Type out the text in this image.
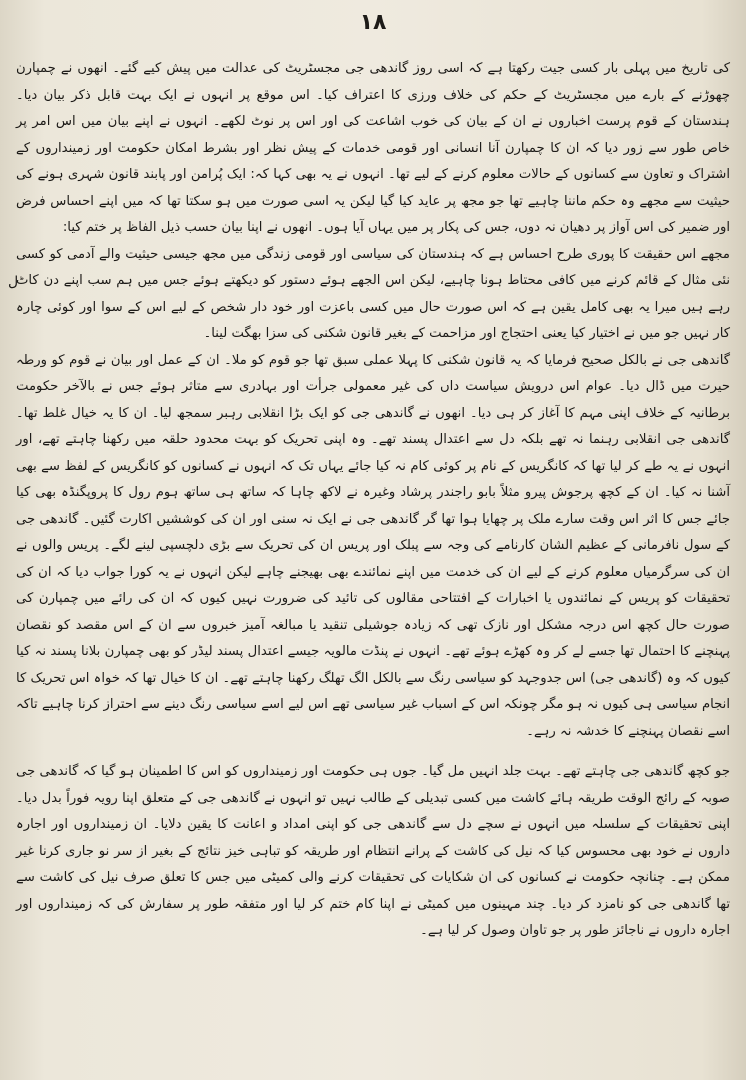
۱۸
ل

کی تاریخ میں پہلی بار کسی جیت رکھتا ہے کہ اسی روز گاندھی جی مجسٹریٹ کی عدالت میں پیش کیے گئے۔ انھوں نے چمپارن چھوڑنے کے بارے میں مجسٹریٹ کے حکم کی خلاف ورزی کا اعتراف کیا۔ اس موقع پر انہوں نے ایک بہت قابل ذکر بیان دیا۔ ہندستان کے قوم پرست اخباروں نے ان کے بیان کی خوب اشاعت کی اور اس پر نوٹ لکھے۔ انہوں نے اپنے بیان میں اس امر پر خاص طور سے زور دیا کہ ان کا چمپارن آنا انسانی اور قومی خدمات کے پیش نظر اور بشرط امکان حکومت اور زمینداروں کے اشتراک و تعاون سے کسانوں کے حالات معلوم کرنے کے لیے تھا۔ انہوں نے یہ بھی کہا کہ: ایک پُرامن اور پابند قانون شہری ہونے کی حیثیت سے مجھے وہ حکم ماننا چاہیے تھا جو مجھ پر عاید کیا گیا لیکن یہ اسی صورت میں ہو سکتا تھا کہ میں اپنے احساس فرض اور ضمیر کی اس آواز پر دھیان نہ دوں، جس کی پکار پر میں یہاں آیا ہوں۔ انھوں نے اپنا بیان حسب ذیل الفاظ پر ختم کیا:

مجھے اس حقیقت کا پوری طرح احساس ہے کہ ہندستان کی سیاسی اور قومی زندگی میں مجھ جیسی حیثیت والے آدمی کو کسی نئی مثال کے قائم کرنے میں کافی محتاط ہونا چاہیے، لیکن اس الجھے ہوئے دستور کو دیکھتے ہوئے جس میں ہم سب اپنے دن کاٹ رہے ہیں میرا یہ بھی کامل یقین ہے کہ اس صورت حال میں کسی باعزت اور خود دار شخص کے لیے اس کے سوا اور کوئی چارہ کار نہیں جو میں نے اختیار کیا یعنی احتجاج اور مزاحمت کے بغیر قانون شکنی کی سزا بھگت لینا۔

گاندھی جی نے بالکل صحیح فرمایا کہ یہ قانون شکنی کا پہلا عملی سبق تھا جو قوم کو ملا۔ ان کے عمل اور بیان نے قوم کو ورطہ حیرت میں ڈال دیا۔ عوام اس درویش سیاست داں کی غیر معمولی جرأت اور بہادری سے متاثر ہوئے جس نے بالآخر حکومت برطانیہ کے خلاف اپنی مہم کا آغاز کر ہی دیا۔ انھوں نے گاندھی جی کو ایک بڑا انقلابی رہبر سمجھ لیا۔ ان کا یہ خیال غلط تھا۔ گاندھی جی انقلابی رہنما نہ تھے بلکہ دل سے اعتدال پسند تھے۔ وہ اپنی تحریک کو بہت محدود حلقہ میں رکھنا چاہتے تھے، اور انہوں نے یہ طے کر لیا تھا کہ کانگریس کے نام پر کوئی کام نہ کیا جائے یہاں تک کہ انہوں نے کسانوں کو کانگریس کے لفظ سے بھی آشنا نہ کیا۔ ان کے کچھ پرجوش پیرو مثلاً بابو راجندر پرشاد وغیرہ نے لاکھ چاہا کہ ساتھ ہی ساتھ ہوم رول کا پروپگنڈہ بھی کیا جائے جس کا اثر اس وقت سارے ملک پر چھایا ہوا تھا گر گاندھی جی نے ایک نہ سنی اور ان کی کوششیں اکارت گئیں۔ گاندھی جی کے سول نافرمانی کے عظیم الشان کارنامے کی وجہ سے پبلک اور پریس ان کی تحریک سے بڑی دلچسپی لینے لگے۔ پریس والوں نے ان کی سرگرمیاں معلوم کرنے کے لیے ان کی خدمت میں اپنے نمائندے بھی بھیجنے چاہے لیکن انہوں نے یہ کورا جواب دیا کہ ان کی تحقیقات کو پریس کے نمائندوں یا اخبارات کے افتتاحی مقالوں کی تائید کی ضرورت نہیں کیوں کہ ان کی رائے میں چمپارن کی صورت حال کچھ اس درجہ مشکل اور نازک تھی کہ زیادہ جوشیلی تنقید یا مبالغہ آمیز خبروں سے ان کے اس مقصد کو نقصان پہنچنے کا احتمال تھا جسے لے کر وہ کھڑے ہوئے تھے۔ انہوں نے پنڈت مالویہ جیسے اعتدال پسند لیڈر کو بھی چمپارن بلانا پسند نہ کیا کیوں کہ وہ (گاندھی جی) اس جدوجہد کو سیاسی رنگ سے بالکل الگ تھلگ رکھنا چاہتے تھے۔ ان کا خیال تھا کہ خواہ اس تحریک کا انجام سیاسی ہی کیوں نہ ہو مگر چونکہ اس کے اسباب غیر سیاسی تھے اس لیے اسے سیاسی رنگ دینے سے احتراز کرنا چاہیے تاکہ اسے نقصان پہنچنے کا خدشہ نہ رہے۔

جو کچھ گاندھی جی چاہتے تھے۔ بہت جلد انہیں مل گیا۔ جوں ہی حکومت اور زمینداروں کو اس کا اطمینان ہو گیا کہ گاندھی جی صوبہ کے رائج الوقت طریقہ ہائے کاشت میں کسی تبدیلی کے طالب نہیں تو انہوں نے گاندھی جی کے متعلق اپنا رویہ فوراً بدل دیا۔ اپنی تحقیقات کے سلسلہ میں انہوں نے سچے دل سے گاندھی جی کو اپنی امداد و اعانت کا یقین دلایا۔ ان زمینداروں اور اجارہ داروں نے خود بھی محسوس کیا کہ نیل کی کاشت کے پرانے انتظام اور طریقہ کو تباہی خیز نتائج کے بغیر از سر نو جاری کرنا غیر ممکن ہے۔ چنانچہ حکومت نے کسانوں کی ان شکایات کی تحقیقات کرنے والی کمیٹی میں جس کا تعلق صرف نیل کی کاشت سے تھا گاندھی جی کو نامزد کر دیا۔ چند مہینوں میں کمیٹی نے اپنا کام ختم کر لیا اور متفقہ طور پر سفارش کی کہ زمینداروں اور اجارہ داروں نے ناجائز طور پر جو تاوان وصول کر لیا ہے۔
